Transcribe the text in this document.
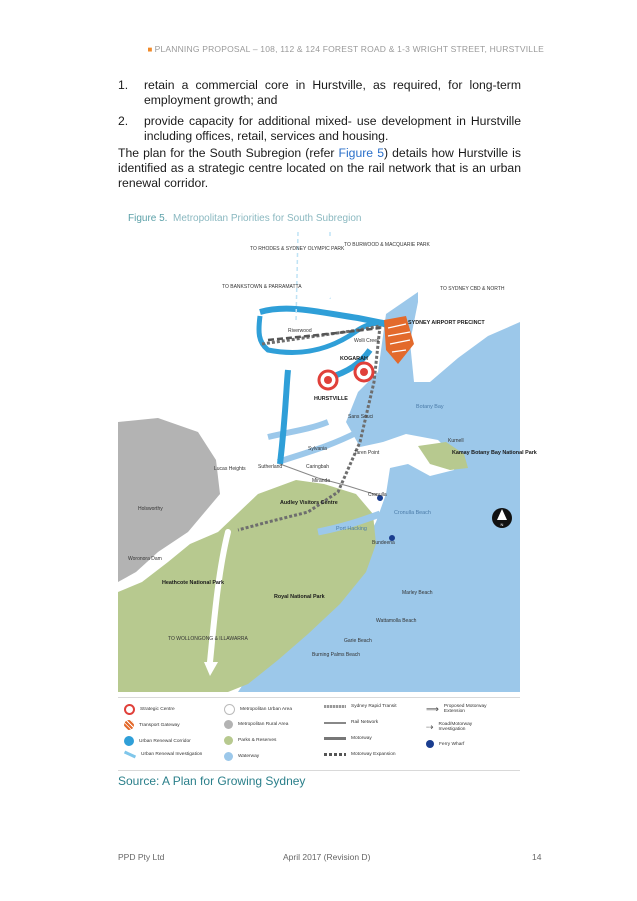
■ PLANNING PROPOSAL – 108, 112 & 124 FOREST ROAD & 1-3 WRIGHT STREET, HURSTVILLE
1.	retain a commercial core in Hurstville, as required, for long-term employment growth; and
2.	provide capacity for additional mixed- use development in Hurstville including offices, retail, services and housing.
The plan for the South Subregion (refer Figure 5) details how Hurstville is identified as a strategic centre located on the rail network that is an urban renewal corridor.
Figure 5. Metropolitan Priorities for South Subregion
N
TO RHODES & SYDNEY OLYMPIC PARK
TO BURWOOD & MACQUARIE PARK
TO BANKSTOWN & PARRAMATTA	TO SYDNEY CBD & NORTH
TO WOLLONGONG & ILLAWARRA
Riverwood
Wolli Creek
Lucas Heights
Holsworthy
Woronora Dam
Sutherland	Caringbah
Miranda
Sylvania
Taren Point
Sans Souci
Cronulla
Bundeena
Kurnell
Marley Beach
Wattamolla Beach
Garie Beach
Burning Palms Beach
SYDNEY AIRPORT PRECINCT
KOGARAH
HURSTVILLE
Botany Bay
Kamay Botany Bay National Park
Audley Visitors Centre
Heathcote National Park
Royal National Park
Port Hacking
Cronulla Beach
Strategic Centre
Transport Gateway
Urban Renewal Corridor
Urban Renewal Investigation
Metropolitan Urban Area
Metropolitan Rural Area
Parks & Reserves
Waterway
Sydney Rapid Transit
Rail Network
Motorway
Motorway Expansion
⟹ Proposed Motorway Extension
⇢ Road/Motorway Investigation
Ferry Wharf
Source: A Plan for Growing Sydney
PPD Pty Ltd	April 2017 (Revision D)	14
